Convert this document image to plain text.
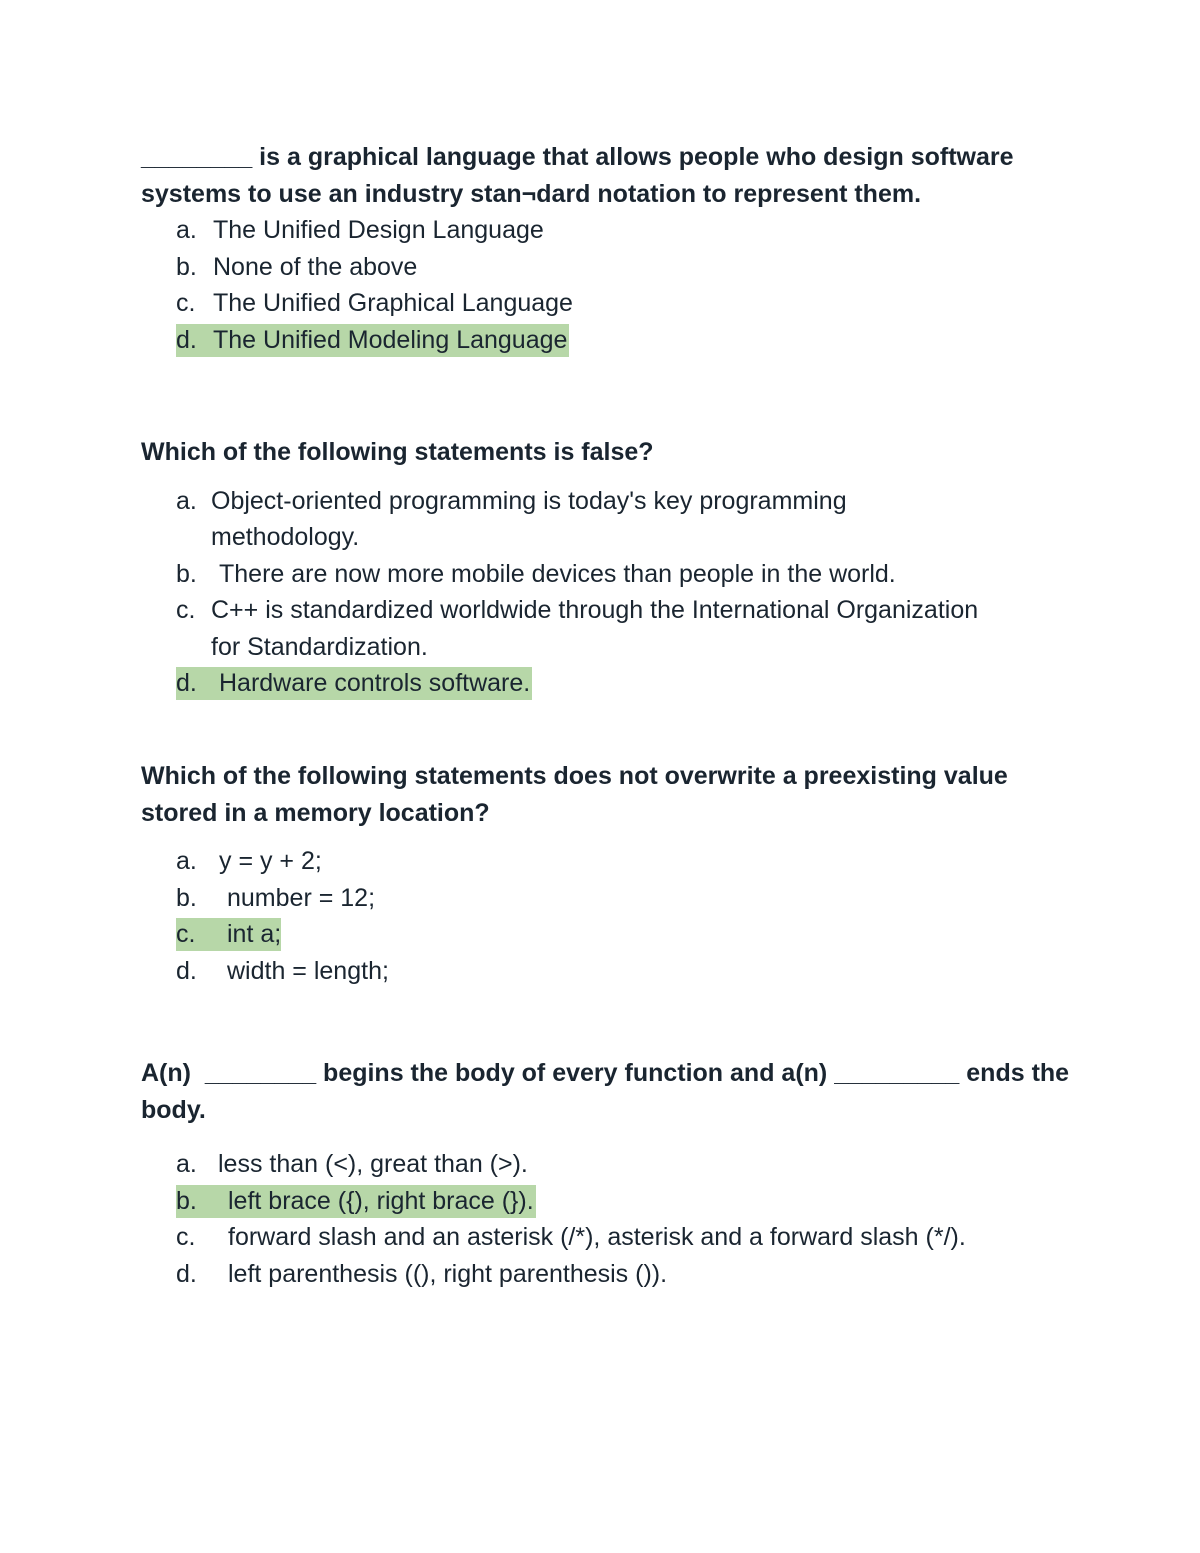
________ is a graphical language that allows people who design software systems to use an industry stan¬dard notation to represent them.

a. The Unified Design Language
b. None of the above
c. The Unified Graphical Language
d. The Unified Modeling Language

Which of the following statements is false?

a. Object-oriented programming is today's key programming
methodology.
b. There are now more mobile devices than people in the world.
c. C++ is standardized worldwide through the International Organization
for Standardization.
d. Hardware controls software.

Which of the following statements does not overwrite a preexisting value stored in a memory location?

a. y = y + 2;
b. number = 12;
c. int a;
d. width = length;

A(n)  ________ begins the body of every function and a(n) _________ ends the body.

a. less than (<), great than (>).
b. left brace ({), right brace (}).
c. forward slash and an asterisk (/*), asterisk and a forward slash (*/).
d. left parenthesis ((), right parenthesis ()).
